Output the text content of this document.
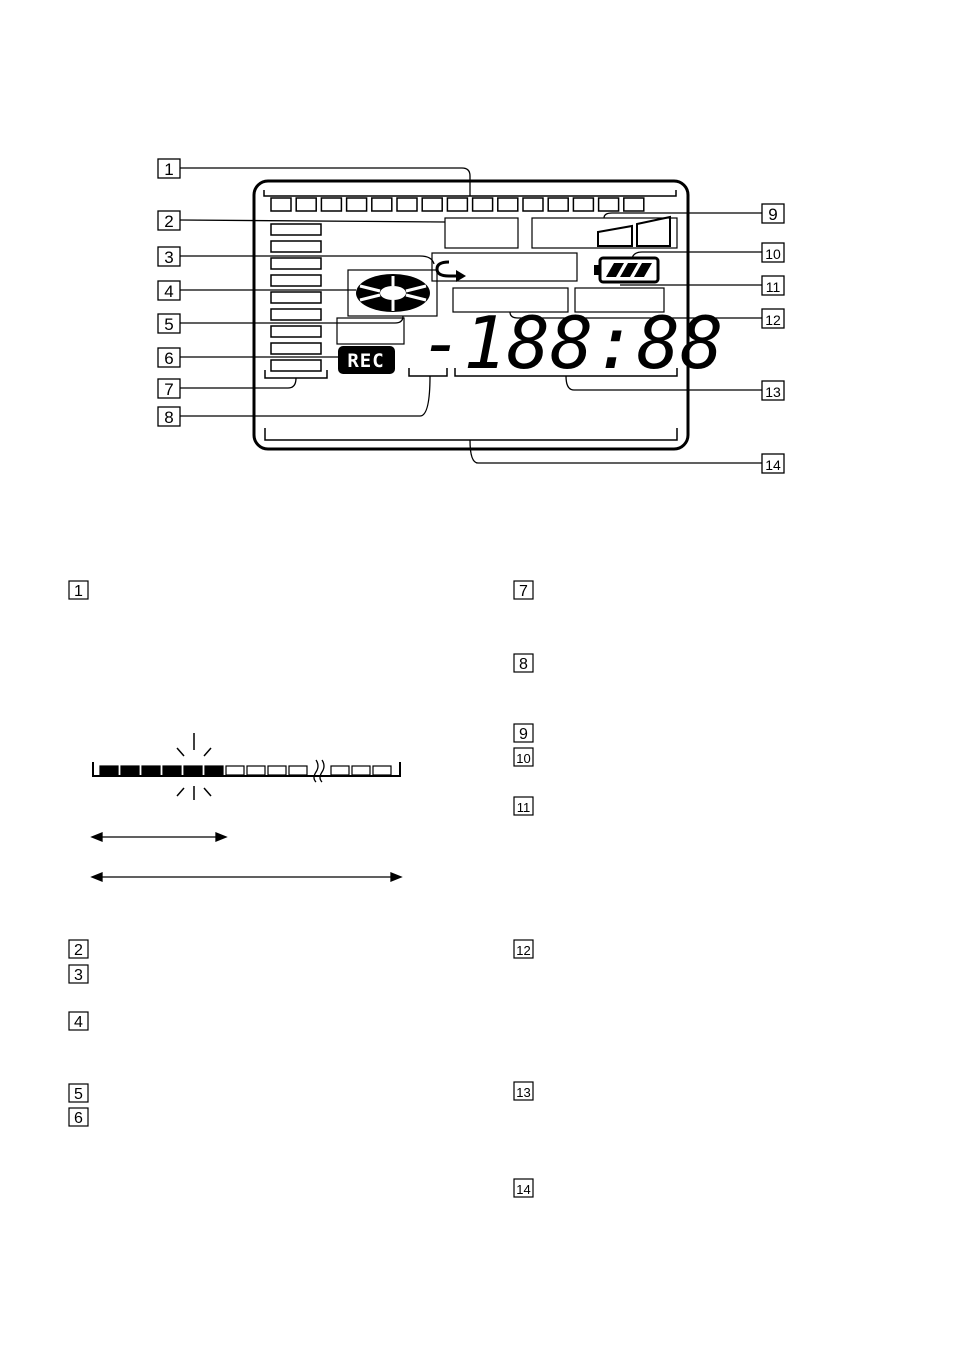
REC -188:88
1
2
3
4
5
6
7
8
9
10
11
12
13
14
1
2
3
4
5
6
7
8
9
10
11
12
13
14
